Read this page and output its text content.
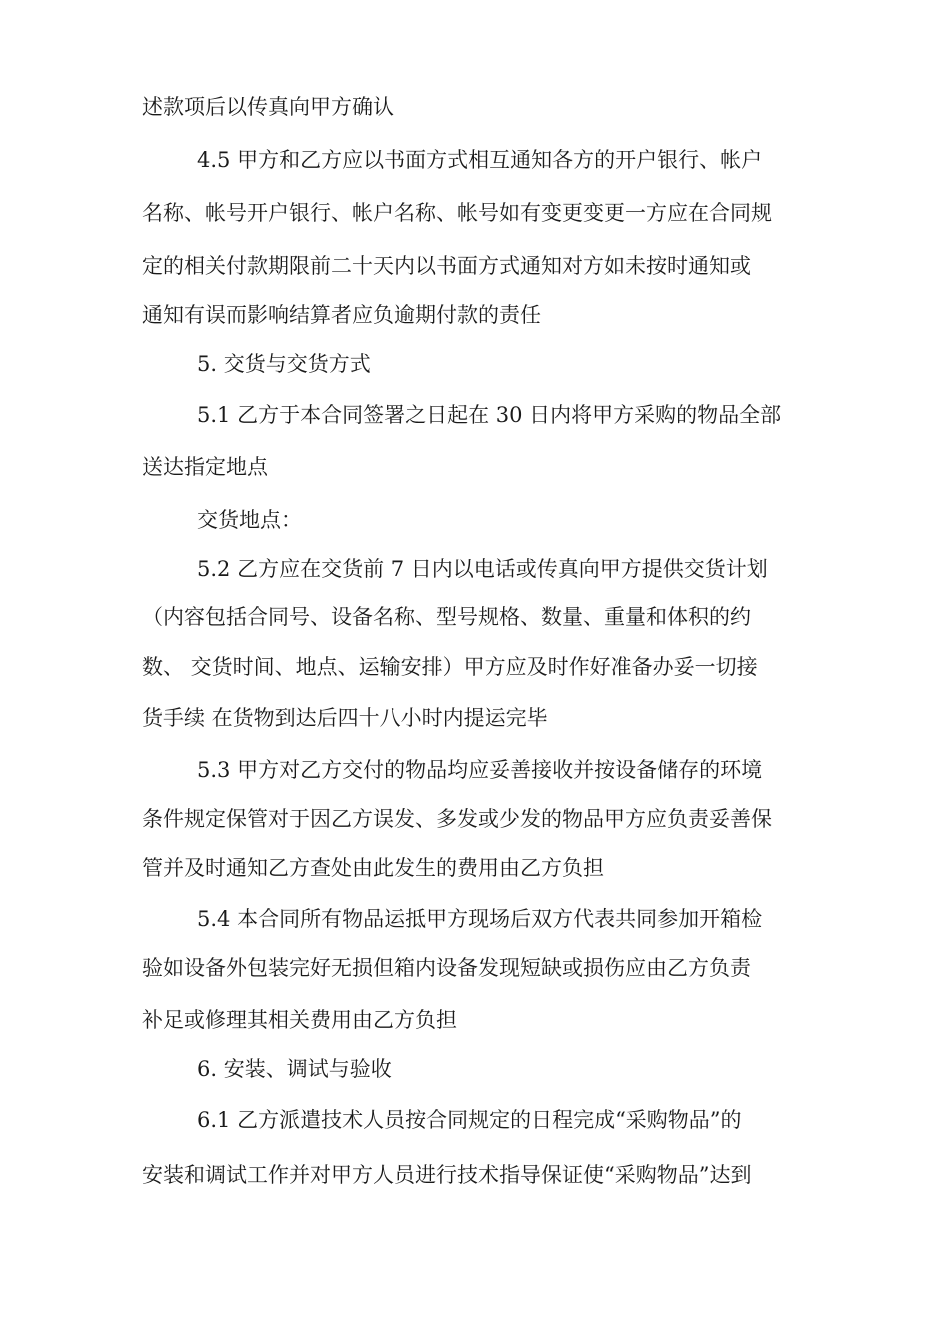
述款项后以传真向甲方确认
4.5 甲方和乙方应以书面方式相互通知各方的开户银行、帐户
名称、帐号开户银行、帐户名称、帐号如有变更变更一方应在合同规
定的相关付款期限前二十天内以书面方式通知对方如未按时通知或
通知有误而影响结算者应负逾期付款的责任
5. 交货与交货方式
5.1 乙方于本合同签署之日起在 30 日内将甲方采购的物品全部
送达指定地点
交货地点：
5.2 乙方应在交货前 7 日内以电话或传真向甲方提供交货计划
（内容包括合同号、设备名称、型号规格、数量、重量和体积的约
数、 交货时间、地点、运输安排）甲方应及时作好准备办妥一切接
货手续 在货物到达后四十八小时内提运完毕
5.3 甲方对乙方交付的物品均应妥善接收并按设备储存的环境
条件规定保管对于因乙方误发、多发或少发的物品甲方应负责妥善保
管并及时通知乙方查处由此发生的费用由乙方负担
5.4 本合同所有物品运抵甲方现场后双方代表共同参加开箱检
验如设备外包装完好无损但箱内设备发现短缺或损伤应由乙方负责
补足或修理其相关费用由乙方负担
6. 安装、调试与验收
6.1 乙方派遣技术人员按合同规定的日程完成“采购物品”的
安装和调试工作并对甲方人员进行技术指导保证使“采购物品”达到
